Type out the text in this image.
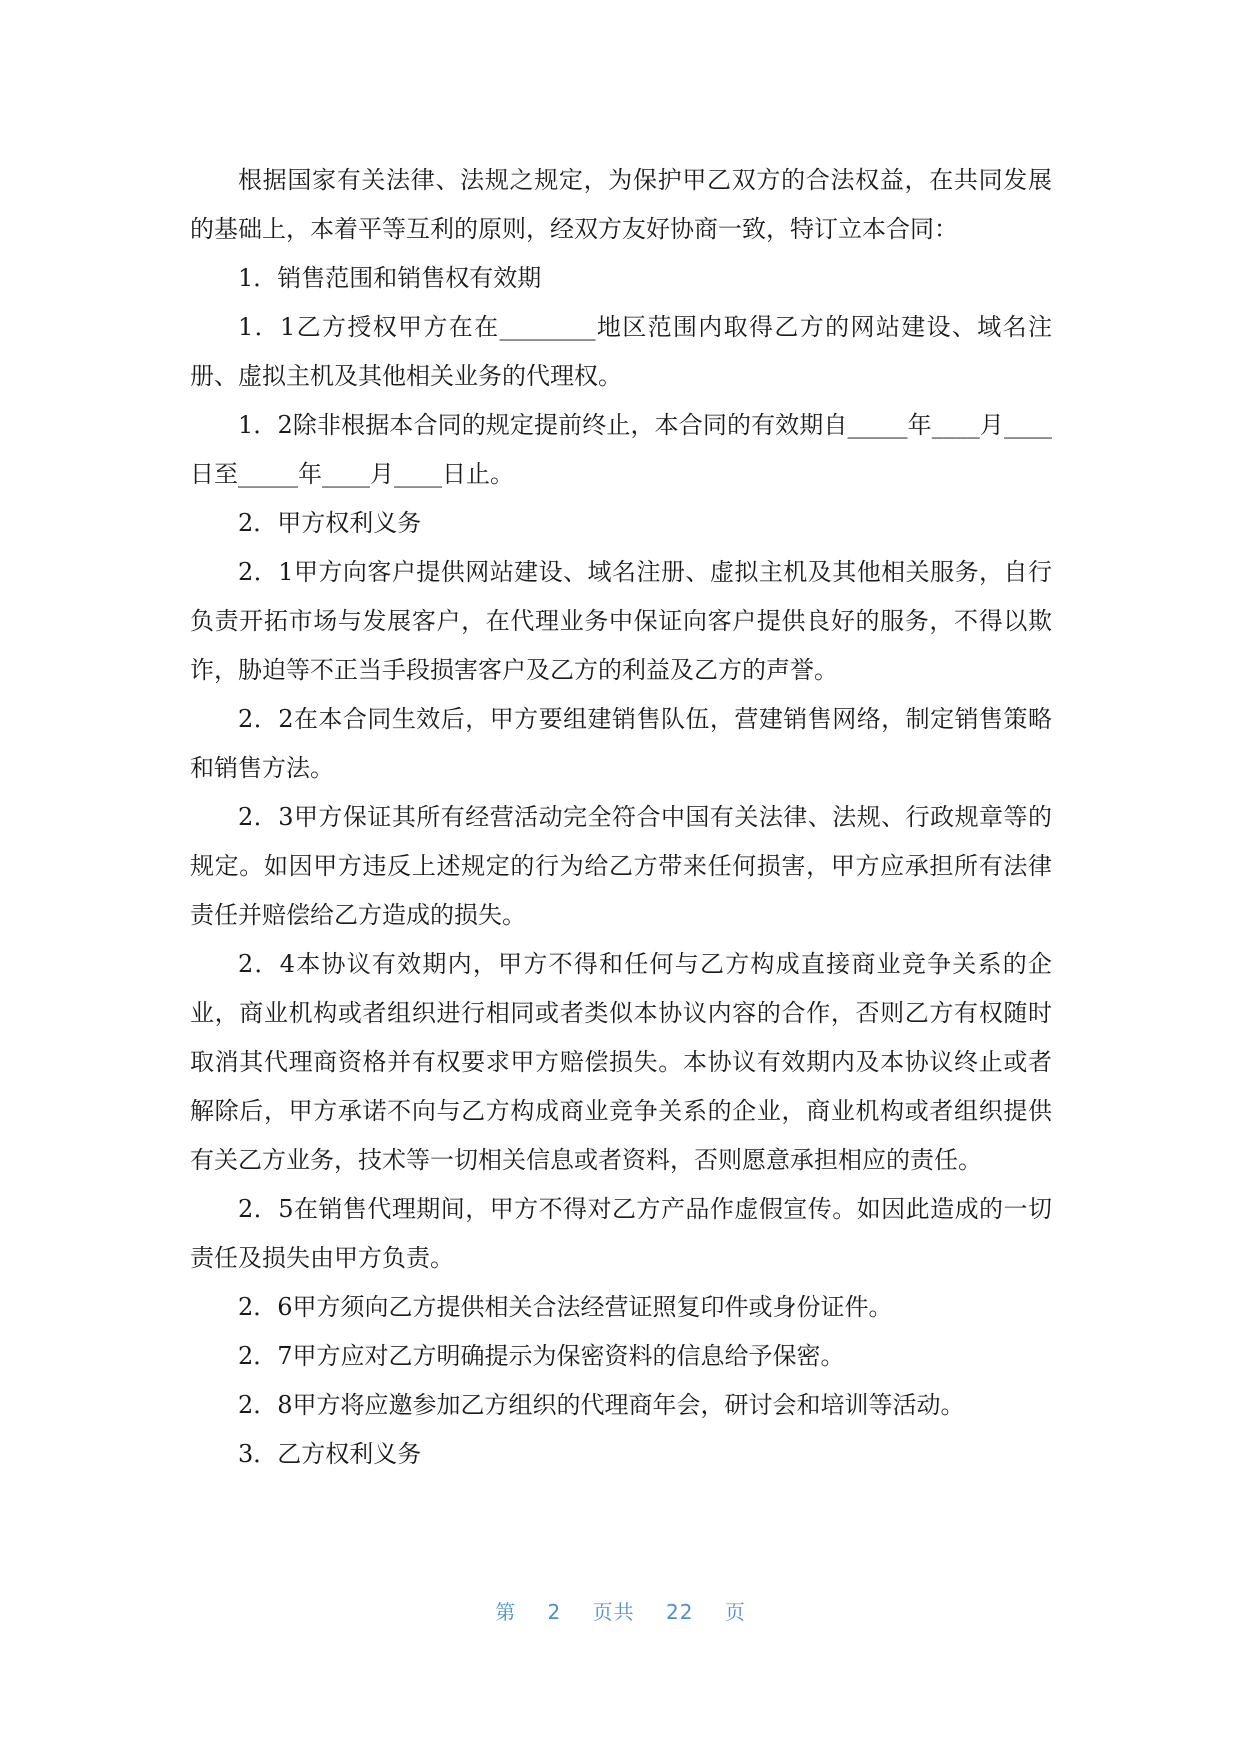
根据国家有关法律、法规之规定，为保护甲乙双方的合法权益，在共同发展的基础上，本着平等互利的原则，经双方友好协商一致，特订立本合同：

1．销售范围和销售权有效期

1．1乙方授权甲方在在________地区范围内取得乙方的网站建设、域名注册、虚拟主机及其他相关业务的代理权。

1．2除非根据本合同的规定提前终止，本合同的有效期自_____年____月____日至_____年____月____日止。

2．甲方权利义务

2．1甲方向客户提供网站建设、域名注册、虚拟主机及其他相关服务，自行负责开拓市场与发展客户，在代理业务中保证向客户提供良好的服务，不得以欺诈，胁迫等不正当手段损害客户及乙方的利益及乙方的声誉。

2．2在本合同生效后，甲方要组建销售队伍，营建销售网络，制定销售策略和销售方法。

2．3甲方保证其所有经营活动完全符合中国有关法律、法规、行政规章等的规定。如因甲方违反上述规定的行为给乙方带来任何损害，甲方应承担所有法律责任并赔偿给乙方造成的损失。

2．4本协议有效期内，甲方不得和任何与乙方构成直接商业竞争关系的企业，商业机构或者组织进行相同或者类似本协议内容的合作，否则乙方有权随时取消其代理商资格并有权要求甲方赔偿损失。本协议有效期内及本协议终止或者解除后，甲方承诺不向与乙方构成商业竞争关系的企业，商业机构或者组织提供有关乙方业务，技术等一切相关信息或者资料，否则愿意承担相应的责任。

2．5在销售代理期间，甲方不得对乙方产品作虚假宣传。如因此造成的一切责任及损失由甲方负责。

2．6甲方须向乙方提供相关合法经营证照复印件或身份证件。

2．7甲方应对乙方明确提示为保密资料的信息给予保密。

2．8甲方将应邀参加乙方组织的代理商年会，研讨会和培训等活动。

3．乙方权利义务

第 2 页共 22 页
